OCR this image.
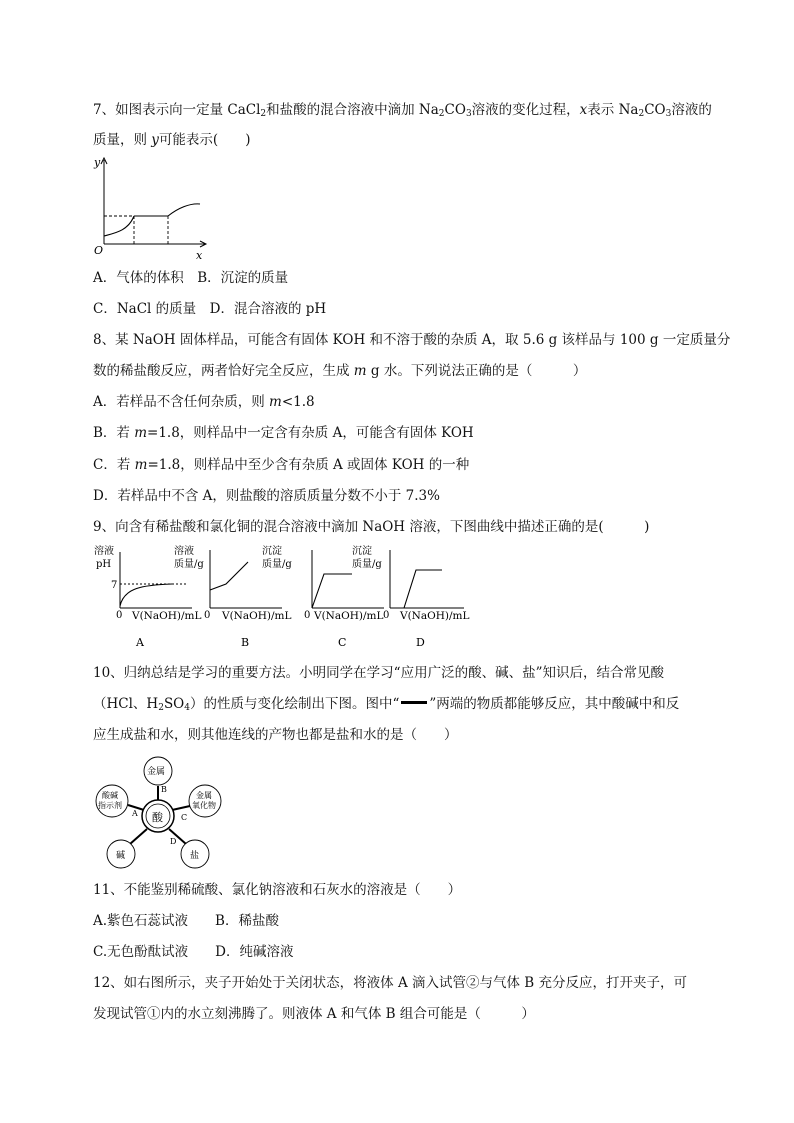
7、如图表示向一定量 CaCl$_2$和盐酸的混合溶液中滴加 $Na_2CO_3$溶液的变化过程，x表示 $Na_2CO_3$溶液的
质量，则 y可能表示(　　)
y
O	x
A．气体的体积　B．沉淀的质量
C．NaCl 的质量　D．混合溶液的 pH
8、某 NaOH 固体样品，可能含有固体 KOH 和不溶于酸的杂质 A，取 5.6 g 该样品与 100 g 一定质量分
数的稀盐酸反应，两者恰好完全反应，生成 m g 水。下列说法正确的是（　　　）
A．若样品不含任何杂质，则 m<1.8
B．若 m=1.8，则样品中一定含有杂质 A，可能含有固体 KOH
C．若 m=1.8，则样品中至少含有杂质 A 或固体 KOH 的一种
D．若样品中不含 A，则盐酸的溶质质量分数不小于 7.3%
9、向含有稀盐酸和氯化铜的混合溶液中滴加 NaOH 溶液，下图曲线中描述正确的是(　　　)
溶液
pH
7
0 V(NaOH)/mL
A
溶液
质量/g
0 V(NaOH)/mL
B
沉淀
质量/g
0 V(NaOH)/mL
C
沉淀
质量/g
0 V(NaOH)/mL
D
10、归纳总结是学习的重要方法。小明同学在学习“应用广泛的酸、碱、盐”知识后，结合常见酸
（HCl、$H_2SO_4$）的性质与变化绘制出下图。图中“ ”两端的物质都能够反应，其中酸碱中和反
应生成盐和水，则其他连线的产物也都是盐和水的是（　　）
酸
金属
酸碱
指示剂
金属
氧化物
碱	盐
B
A	C
D
11、不能鉴别稀硫酸、氯化钠溶液和石灰水的溶液是（　　）
A.紫色石蕊试液　　B．稀盐酸
C.无色酚酞试液　　D．纯碱溶液
12、如右图所示，夹子开始处于关闭状态，将液体 A 滴入试管②与气体 B 充分反应，打开夹子，可
发现试管①内的水立刻沸腾了。则液体 A 和气体 B 组合可能是（　　　）
